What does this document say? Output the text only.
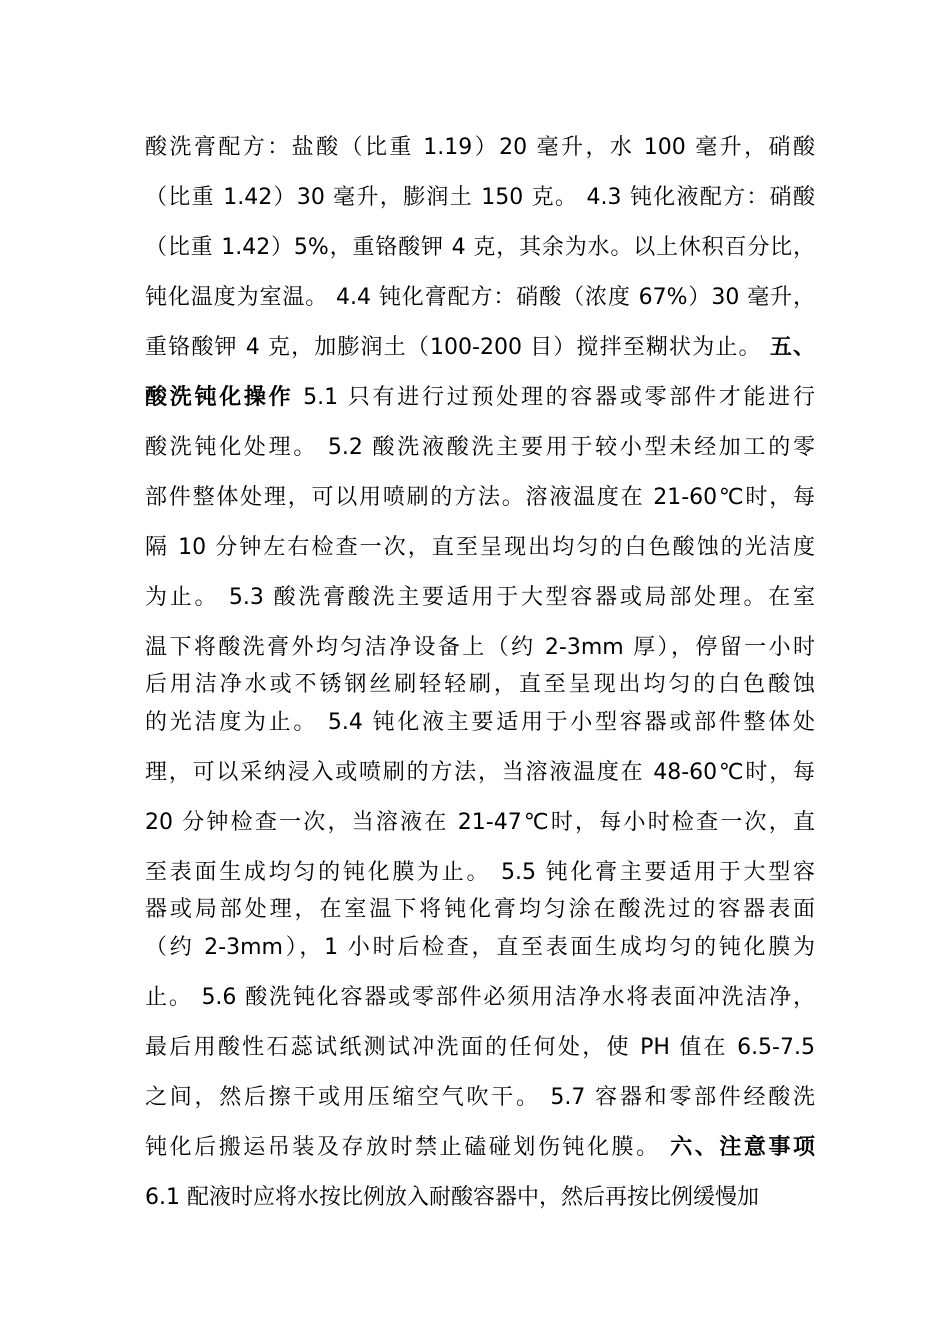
酸洗膏配方：盐酸（比重 1.19）20 毫升，水 100 毫升，硝酸
（比重 1.42）30 毫升，膨润土 150 克。 4.3 钝化液配方：硝酸
（比重 1.42）5%，重铬酸钾 4 克，其余为水。以上休积百分比，
钝化温度为室温。 4.4 钝化膏配方：硝酸（浓度 67%）30 毫升，
重铬酸钾 4 克，加膨润土（100-200 目）搅拌至糊状为止。 五、
酸洗钝化操作 5.1 只有进行过预处理的容器或零部件才能进行
酸洗钝化处理。 5.2 酸洗液酸洗主要用于较小型未经加工的零
部件整体处理，可以用喷刷的方法。溶液温度在 21-60℃时，每
隔 10 分钟左右检查一次，直至呈现出均匀的白色酸蚀的光洁度
为止。 5.3 酸洗膏酸洗主要适用于大型容器或局部处理。在室
温下将酸洗膏外均匀洁净设备上（约 2-3mm 厚），停留一小时
后用洁净水或不锈钢丝刷轻轻刷，直至呈现出均匀的白色酸蚀
的光洁度为止。 5.4 钝化液主要适用于小型容器或部件整体处
理，可以采纳浸入或喷刷的方法，当溶液温度在 48-60℃时，每
20 分钟检查一次，当溶液在 21-47℃时，每小时检查一次，直
至表面生成均匀的钝化膜为止。 5.5 钝化膏主要适用于大型容
器或局部处理，在室温下将钝化膏均匀涂在酸洗过的容器表面
（约 2-3mm），1 小时后检查，直至表面生成均匀的钝化膜为
止。 5.6 酸洗钝化容器或零部件必须用洁净水将表面冲洗洁净，
最后用酸性石蕊试纸测试冲洗面的任何处，使 PH 值在 6.5-7.5
之间，然后擦干或用压缩空气吹干。 5.7 容器和零部件经酸洗
钝化后搬运吊装及存放时禁止磕碰划伤钝化膜。 六、注意事项
6.1 配液时应将水按比例放入耐酸容器中，然后再按比例缓慢加
